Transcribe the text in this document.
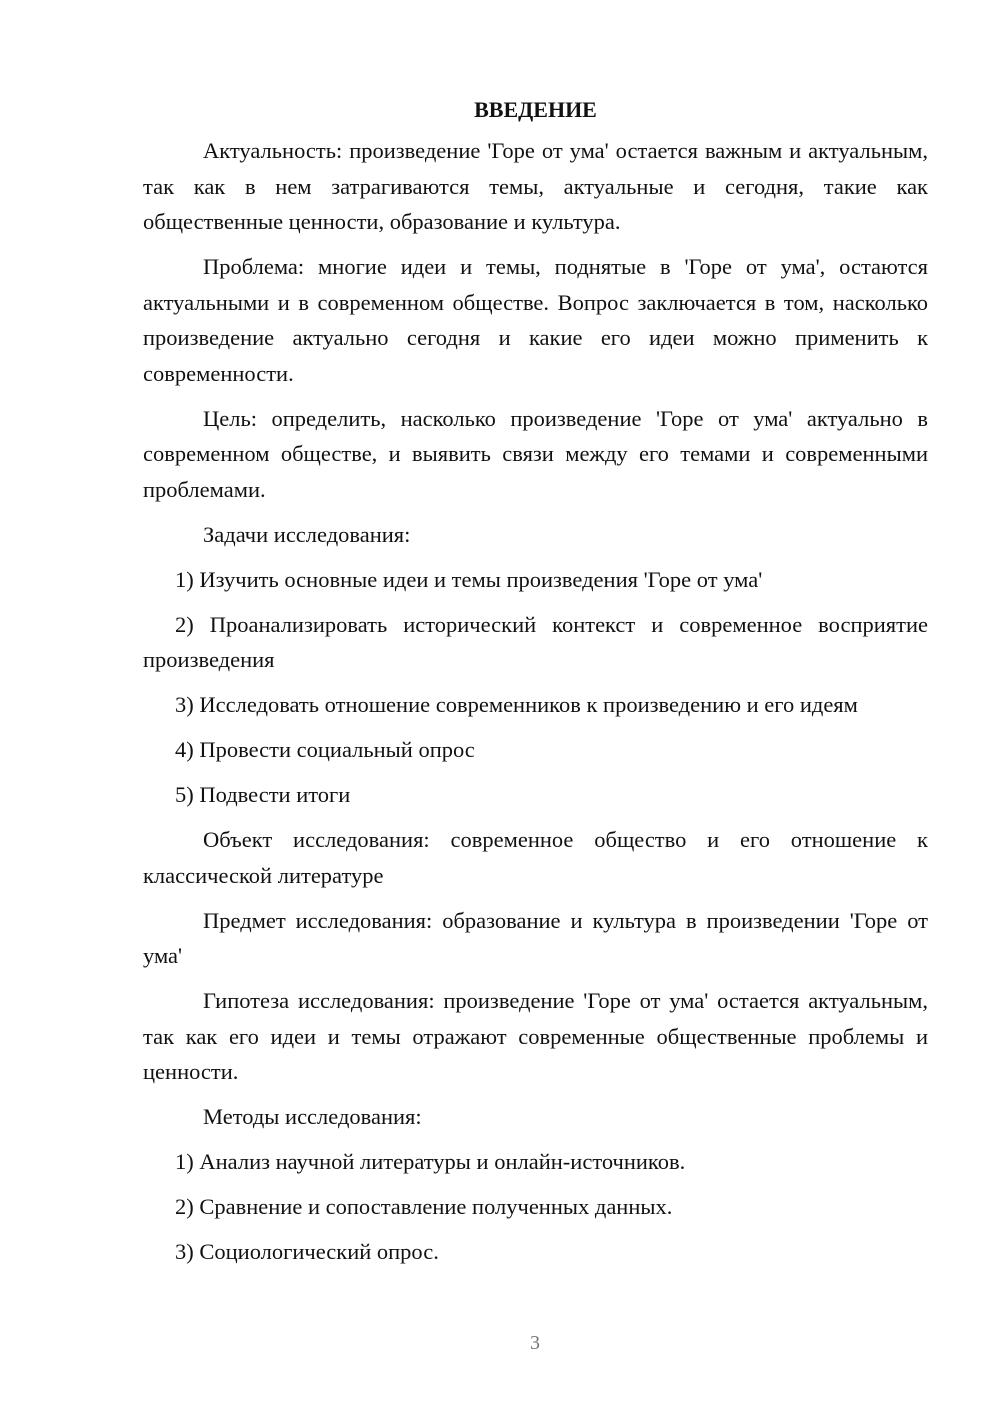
ВВЕДЕНИЕ

Актуальность: произведение 'Горе от ума' остается важным и актуальным, так как в нем затрагиваются темы, актуальные и сегодня, такие как общественные ценности, образование и культура.

Проблема: многие идеи и темы, поднятые в 'Горе от ума', остаются актуальными и в современном обществе. Вопрос заключается в том, насколько произведение актуально сегодня и какие его идеи можно применить к современности.

Цель: определить, насколько произведение 'Горе от ума' актуально в современном обществе, и выявить связи между его темами и современными проблемами.

Задачи исследования:

1) Изучить основные идеи и темы произведения 'Горе от ума'

2) Проанализировать исторический контекст и современное восприятие произведения

3) Исследовать отношение современников к произведению и его идеям

4) Провести социальный опрос

5) Подвести итоги

Объект исследования: современное общество и его отношение к классической литературе

Предмет исследования: образование и культура в произведении 'Горе от ума'

Гипотеза исследования: произведение 'Горе от ума' остается актуальным, так как его идеи и темы отражают современные общественные проблемы и ценности.

Методы исследования:

1) Анализ научной литературы и онлайн-источников.

2) Сравнение и сопоставление полученных данных.

3) Социологический опрос.

3
